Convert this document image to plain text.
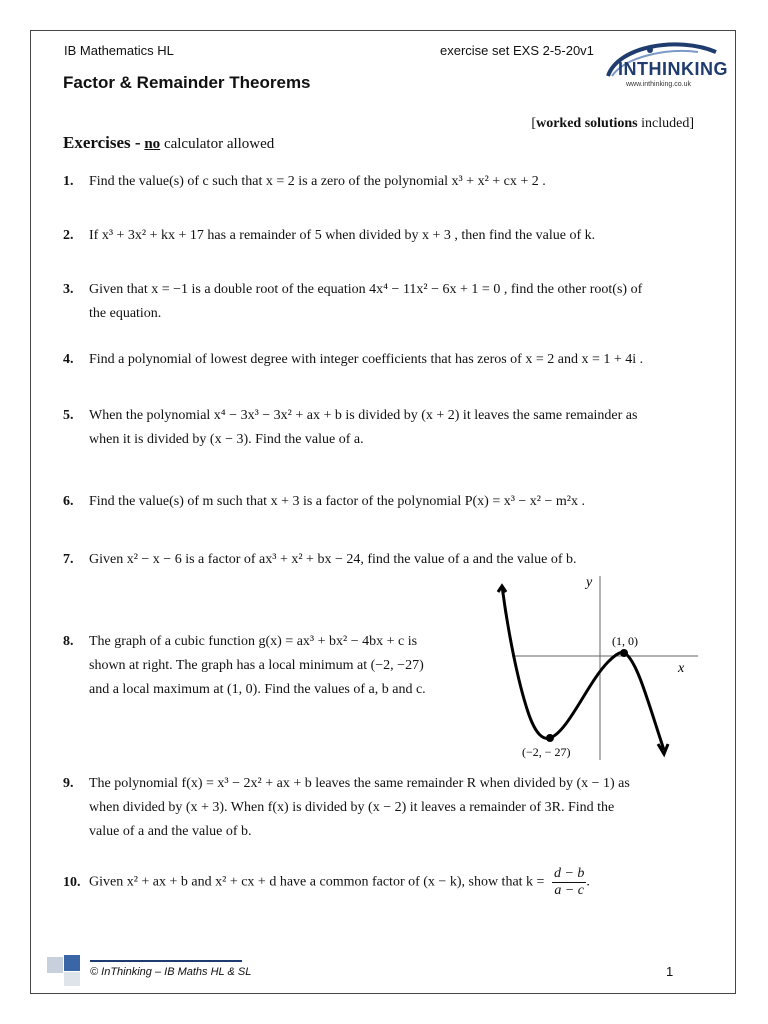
IB Mathematics HL	exercise set EXS 2-5-20v1
Factor & Remainder Theorems
INTHINKING
www.inthinking.co.uk
[worked solutions included]
Exercises - no calculator allowed
1. Find the value(s) of c such that x = 2 is a zero of the polynomial x³ + x² + cx + 2 .
2. If x³ + 3x² + kx + 17 has a remainder of 5 when divided by x + 3 , then find the value of k.
3. Given that x = −1 is a double root of the equation 4x⁴ − 11x² − 6x + 1 = 0 , find the other root(s) of
the equation.
4. Find a polynomial of lowest degree with integer coefficients that has zeros of x = 2 and x = 1 + 4i .
5. When the polynomial x⁴ − 3x³ − 3x² + ax + b is divided by (x + 2) it leaves the same remainder as
when it is divided by (x − 3). Find the value of a.
6. Find the value(s) of m such that x + 3 is a factor of the polynomial P(x) = x³ − x² − m²x .
7. Given x² − x − 6 is a factor of ax³ + x² + bx − 24, find the value of a and the value of b.
8. The graph of a cubic function g(x) = ax³ + bx² − 4bx + c is
shown at right. The graph has a local minimum at (−2, −27)
and a local maximum at (1, 0). Find the values of a, b and c.
y
x
(1, 0)
(−2, − 27)
9. The polynomial f(x) = x³ − 2x² + ax + b leaves the same remainder R when divided by (x − 1) as
when divided by (x + 3). When f(x) is divided by (x − 2) it leaves a remainder of 3R. Find the
value of a and the value of b.
10. Given x² + ax + b and x² + cx + d have a common factor of (x − k), show that $k = \frac{d - b}{a - c}$ .
© InThinking – IB Maths HL & SL	1
